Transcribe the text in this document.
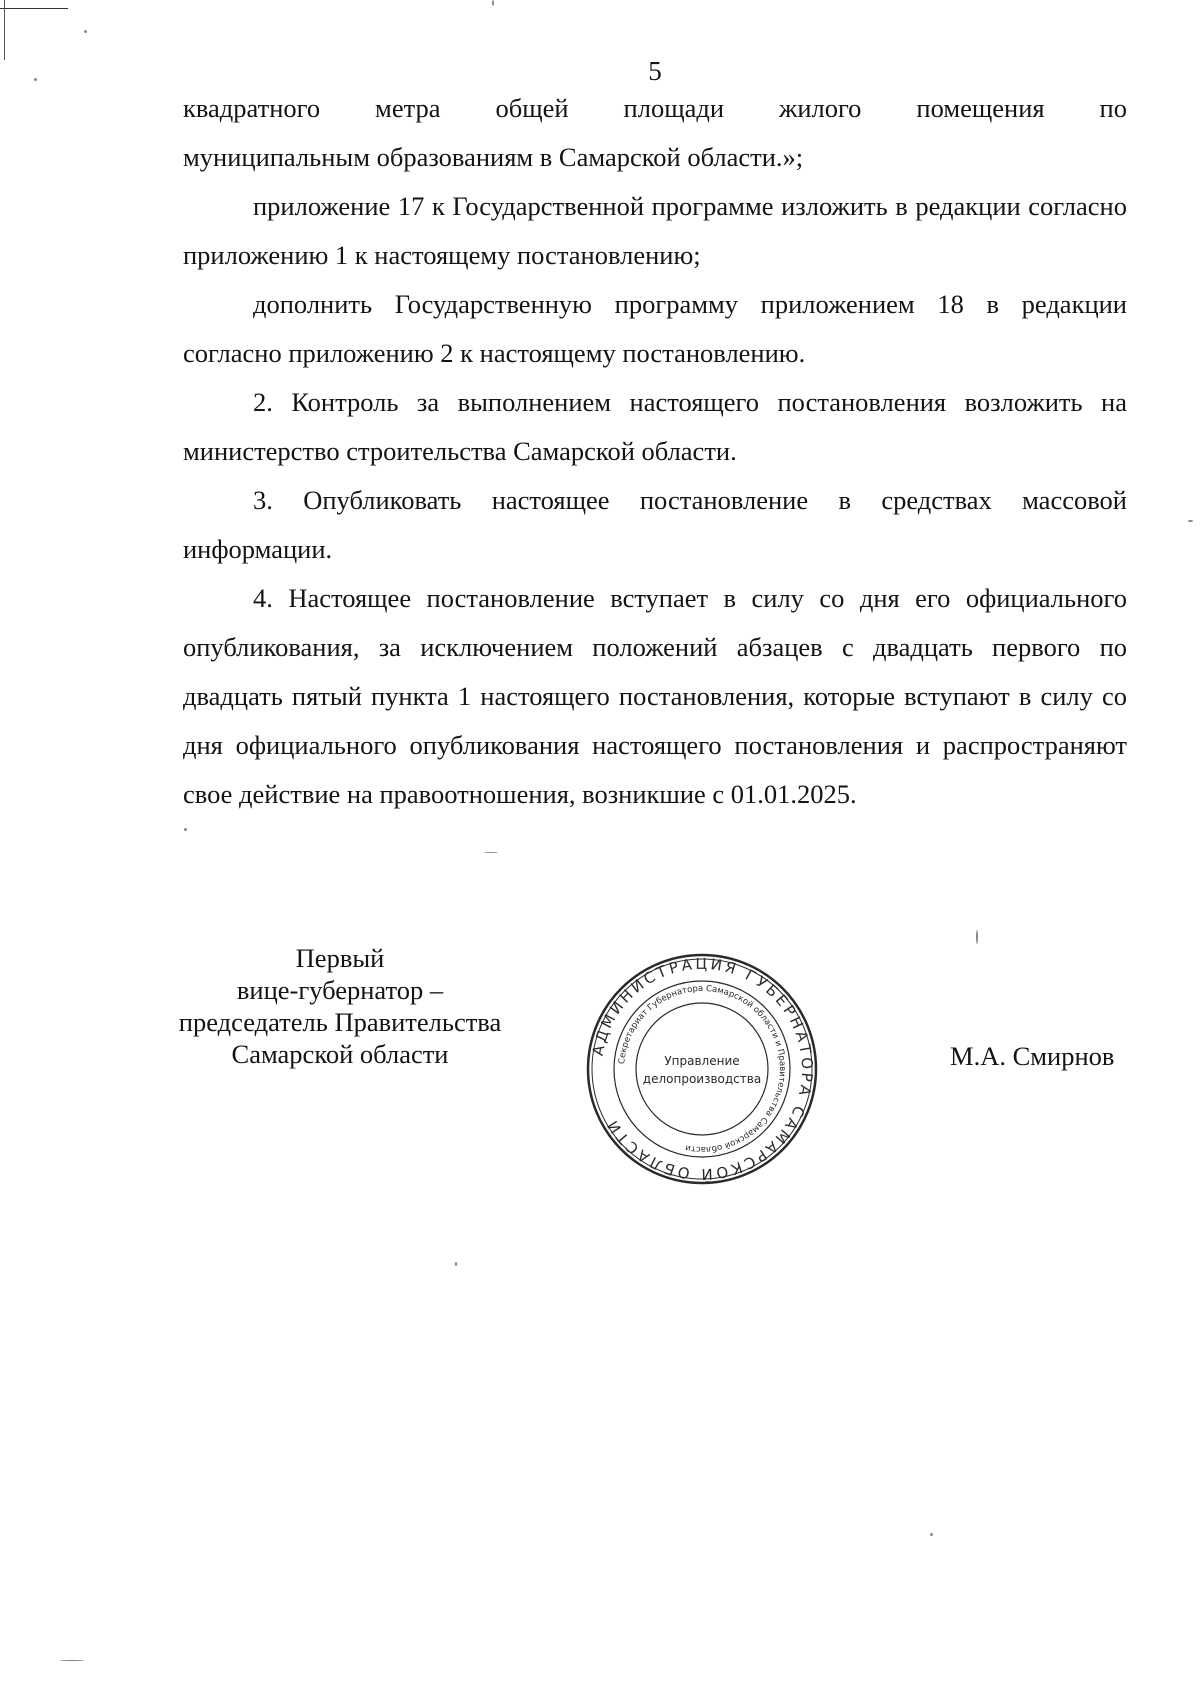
5

квадратного метра общей площади жилого помещения по

муниципальным образованиям в Самарской области.»;

приложение 17 к Государственной программе изложить в редакции согласно приложению 1 к настоящему постановлению;

дополнить Государственную программу приложением 18 в редакции согласно приложению 2 к настоящему постановлению.

2. Контроль за выполнением настоящего постановления возложить на министерство строительства Самарской области.

3. Опубликовать настоящее постановление в средствах массовой информации.

4. Настоящее постановление вступает в силу со дня его официального опубликования, за исключением положений абзацев с двадцать первого по двадцать пятый пункта 1 настоящего постановления, которые вступают в силу со дня официального опубликования настоящего постановления и распространяют свое действие на правоотношения, возникшие с 01.01.2025.

Первый
вице-губернатор –
председатель Правительства
Самарской области	АДМИНИСТРАЦИЯ ГУБЕРНАТОРА САМАРСКОЙ ОБЛАСТИ
Секретариат Губернатора Самарской области и Правительства Самарской области
Управление
делопроизводства
М.А. Смирнов
